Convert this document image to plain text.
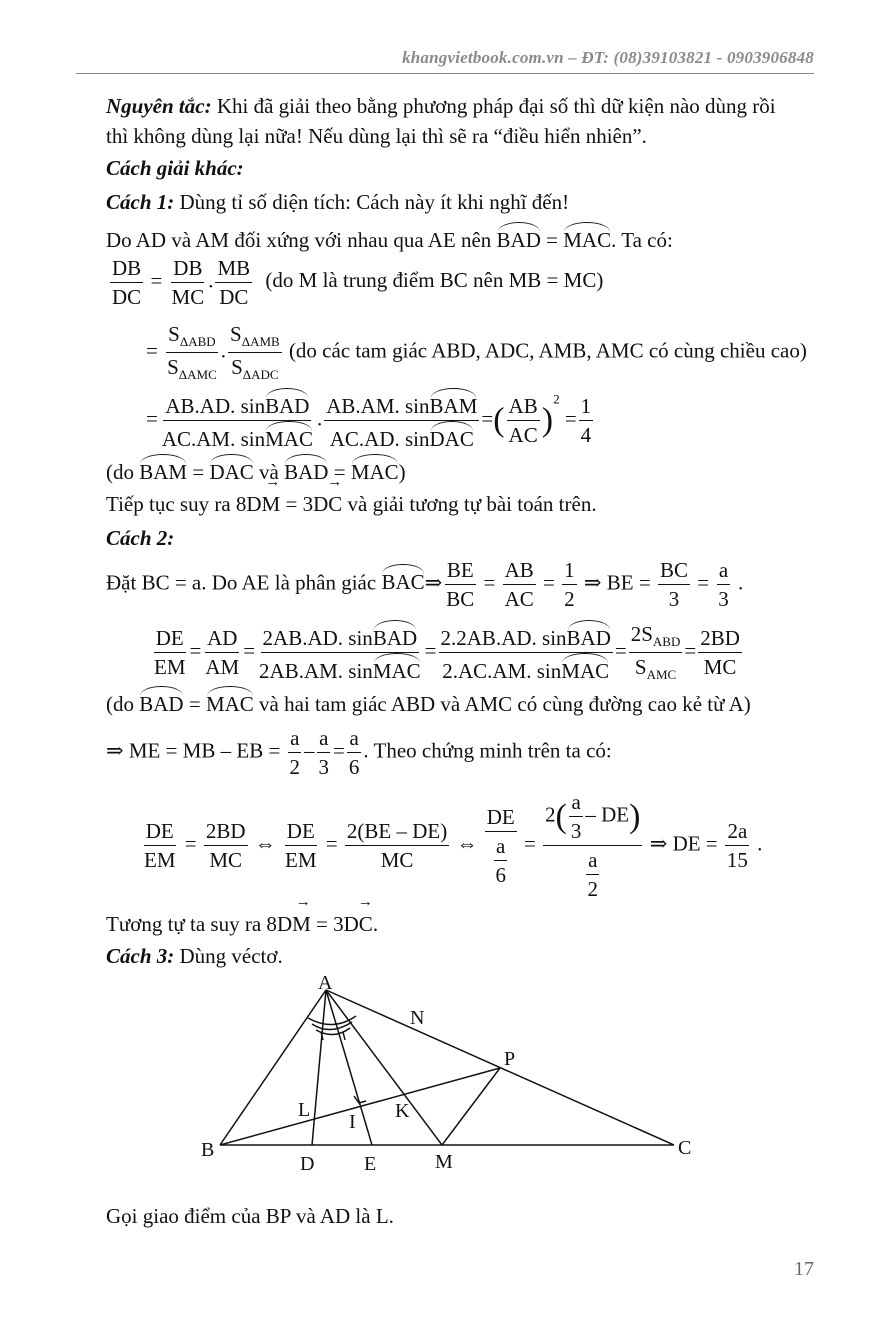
khangvietbook.com.vn – ĐT: (08)39103821 - 0903906848
Nguyên tắc: Khi đã giải theo bằng phương pháp đại số thì dữ kiện nào dùng rồi
thì không dùng lại nữa! Nếu dùng lại thì sẽ ra “điều hiển nhiên”.
Cách giải khác:
Cách 1: Dùng tỉ số diện tích: Cách này ít khi nghĩ đến!
Do AD và AM đối xứng với nhau qua AE nên BAD = MAC. Ta có:
$\frac{DB}{DC} = \frac{DB}{MC}$ . $\frac{MB}{DC} (do$ M là trung điểm BC nên MB = MC)
= $\frac{S_{\Delta ABD}}{S_{\Delta AMC}}$ . $\frac{S_{\Delta AMB}}{S_{\Delta ADC}} (do$ các tam giác ABD, ADC, AMB, AMC có cùng chiều cao)
= $\frac{\text{AB.AD. sinBAD}}{\text{AC.AM. sinMAC}}$ . $\frac{\text{AB.AM. sinBAM}}{\text{AC.AD. sinDAC}}$ =( $\frac{AB}{AC} )^2 = \frac{1}{4}$
(do BAM = DAC và BAD = MAC)
Tiếp tục suy ra 8DM → = 3DC → và giải tương tự bài toán trên.
Cách 2:
Đặt BC = a. Do AE là phân giác BAC⇒ $\frac{BE}{BC} = \frac{AB}{AC} = \frac{1}{2}$ ⇒ BE = $\frac{BC}{3} = \frac{a}{3}$ .
$\frac{DE}{EM} = \frac{AD}{AM} = \frac{\text{2AB.AD. sinBAD}}{\text{2AB.AM. sinMAC}} = \frac{\text{2.2AB.AD. sinBAD}}{\text{2.AC.AM. sinMAC}} = \frac{2S_{ABD}}{S_{AMC}} = \frac{2BD}{MC}$
(do BAD = MAC và hai tam giác ABD và AMC có cùng đường cao kẻ từ A)
⇒ ME = MB – EB = $\frac{a}{2} - \frac{a}{3} = \frac{a}{6}$ . Theo chứng minh trên ta có:
$\frac{DE}{EM} = \frac{2BD}{MC}$ ⇔ $\frac{DE}{EM} = \frac{2(BE - DE)}{MC}$ ⇔ $\frac{DE}{\frac{a}{6}} = \frac{2( \frac{a}{3} - DE)}{\frac{a}{2}}$ ⇒ DE = $\frac{2a}{15}$ .
Tương tự ta suy ra 8DM → = 3DC →.
Cách 3: Dùng véctơ.
A
B	C
D E	M
N
P
L
I K
Gọi giao điểm của BP và AD là L.
17
